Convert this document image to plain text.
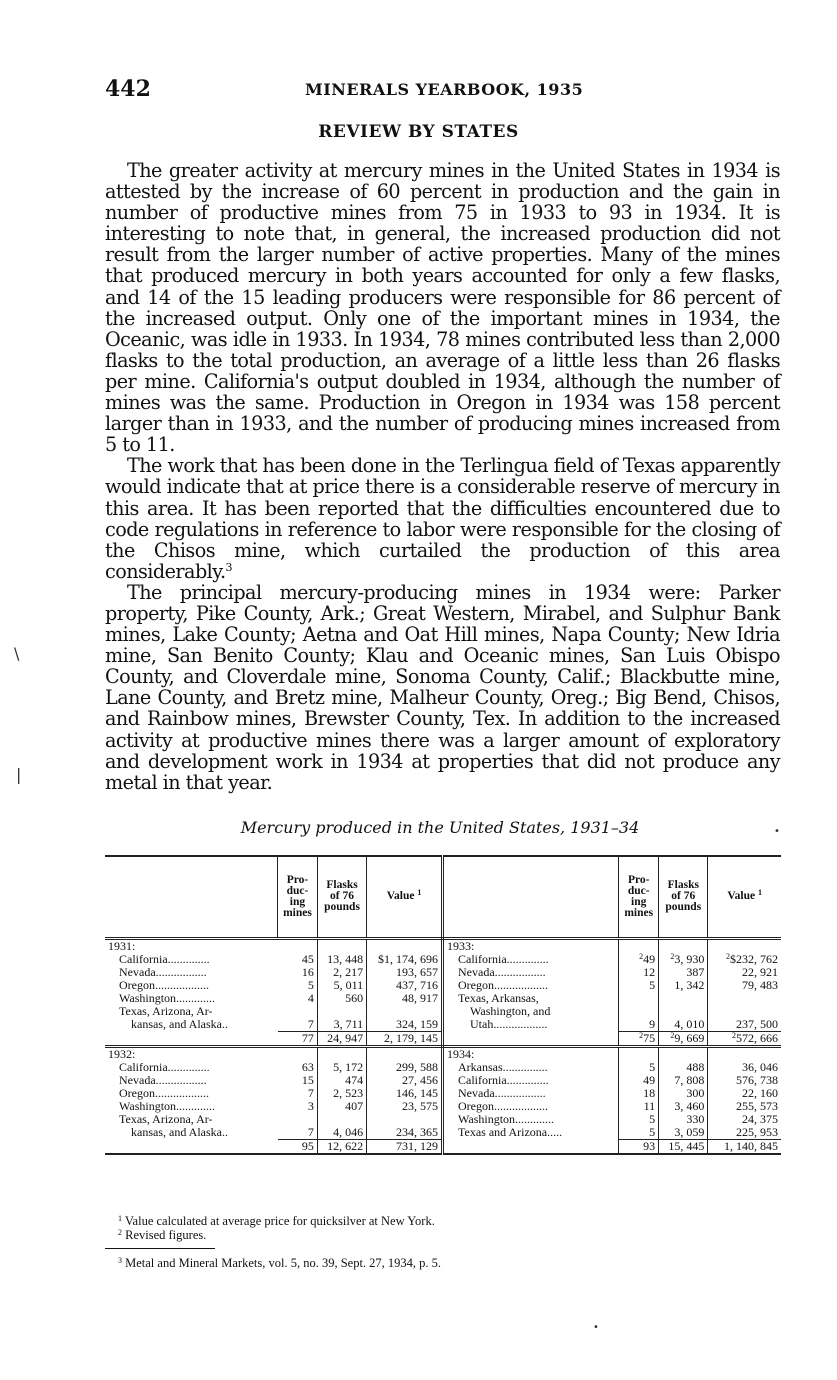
442	MINERALS YEARBOOK, 1935
REVIEW BY STATES

The greater activity at mercury mines in the United States in 1934 is attested by the increase of 60 percent in production and the gain in number of productive mines from 75 in 1933 to 93 in 1934. It is interesting to note that, in general, the increased production did not result from the larger number of active properties. Many of the mines that produced mercury in both years accounted for only a few flasks, and 14 of the 15 leading producers were responsible for 86 percent of the increased output. Only one of the important mines in 1934, the Oceanic, was idle in 1933. In 1934, 78 mines contributed less than 2,000 flasks to the total production, an average of a little less than 26 flasks per mine. California's output doubled in 1934, although the number of mines was the same. Production in Oregon in 1934 was 158 percent larger than in 1933, and the number of producing mines increased from 5 to 11.

The work that has been done in the Terlingua field of Texas apparently would indicate that at price there is a considerable reserve of mercury in this area. It has been reported that the difficulties encountered due to code regulations in reference to labor were responsible for the closing of the Chisos mine, which curtailed the production of this area considerably.$^3$

The principal mercury-producing mines in 1934 were: Parker property, Pike County, Ark.; Great Western, Mirabel, and Sulphur Bank mines, Lake County; Aetna and Oat Hill mines, Napa County; New Idria mine, San Benito County; Klau and Oceanic mines, San Luis Obispo County, and Cloverdale mine, Sonoma County, Calif.; Blackbutte mine, Lane County, and Bretz mine, Malheur County, Oreg.; Big Bend, Chisos, and Rainbow mines, Brewster County, Tex. In addition to the increased activity at productive mines there was a larger amount of exploratory and development work in 1934 at properties that did not produce any metal in that year.

Mercury produced in the United States, 1931–34
	Pro-duc-ing mines	Flasks of 76 pounds	Value $^1$		Pro-duc-ing mines	Flasks of 76 pounds	Value $^1$
1931:				1933:			
California..............	45	13, 448	$1, 174, 696	California..............	$^2$49	$^2$3, 930	$^2$\$232, 762
Nevada.................	16	2, 217	193, 657	Nevada.................	12	387	22, 921
Oregon..................	5	5, 011	437, 716	Oregon..................	5	1, 342	79, 483
Washington.............	4	560	48, 917	Texas, Arkansas,			
Texas, Arizona, Ar-				Washington, and			
kansas, and Alaska..	7	3, 711	324, 159	Utah..................	9	4, 010	237, 500
	77	24, 947	2, 179, 145		$^2$75	$^2$9, 669	$^2$572, 666
1932:				1934:			
California..............	63	5, 172	299, 588	Arkansas...............	5	488	36, 046
Nevada.................	15	474	27, 456	California..............	49	7, 808	576, 738
Oregon..................	7	2, 523	146, 145	Nevada.................	18	300	22, 160
Washington.............	3	407	23, 575	Oregon..................	11	3, 460	255, 573
Texas, Arizona, Ar-				Washington.............	5	330	24, 375
kansas, and Alaska..	7	4, 046	234, 365	Texas and Arizona.....	5	3, 059	225, 953
	95	12, 622	731, 129		93	15, 445	1, 140, 845
$^1$ Value calculated at average price for quicksilver at New York.
$^2$ Revised figures.
$^3$ Metal and Mineral Markets, vol. 5, no. 39, Sept. 27, 1934, p. 5.
\
|
•
•
